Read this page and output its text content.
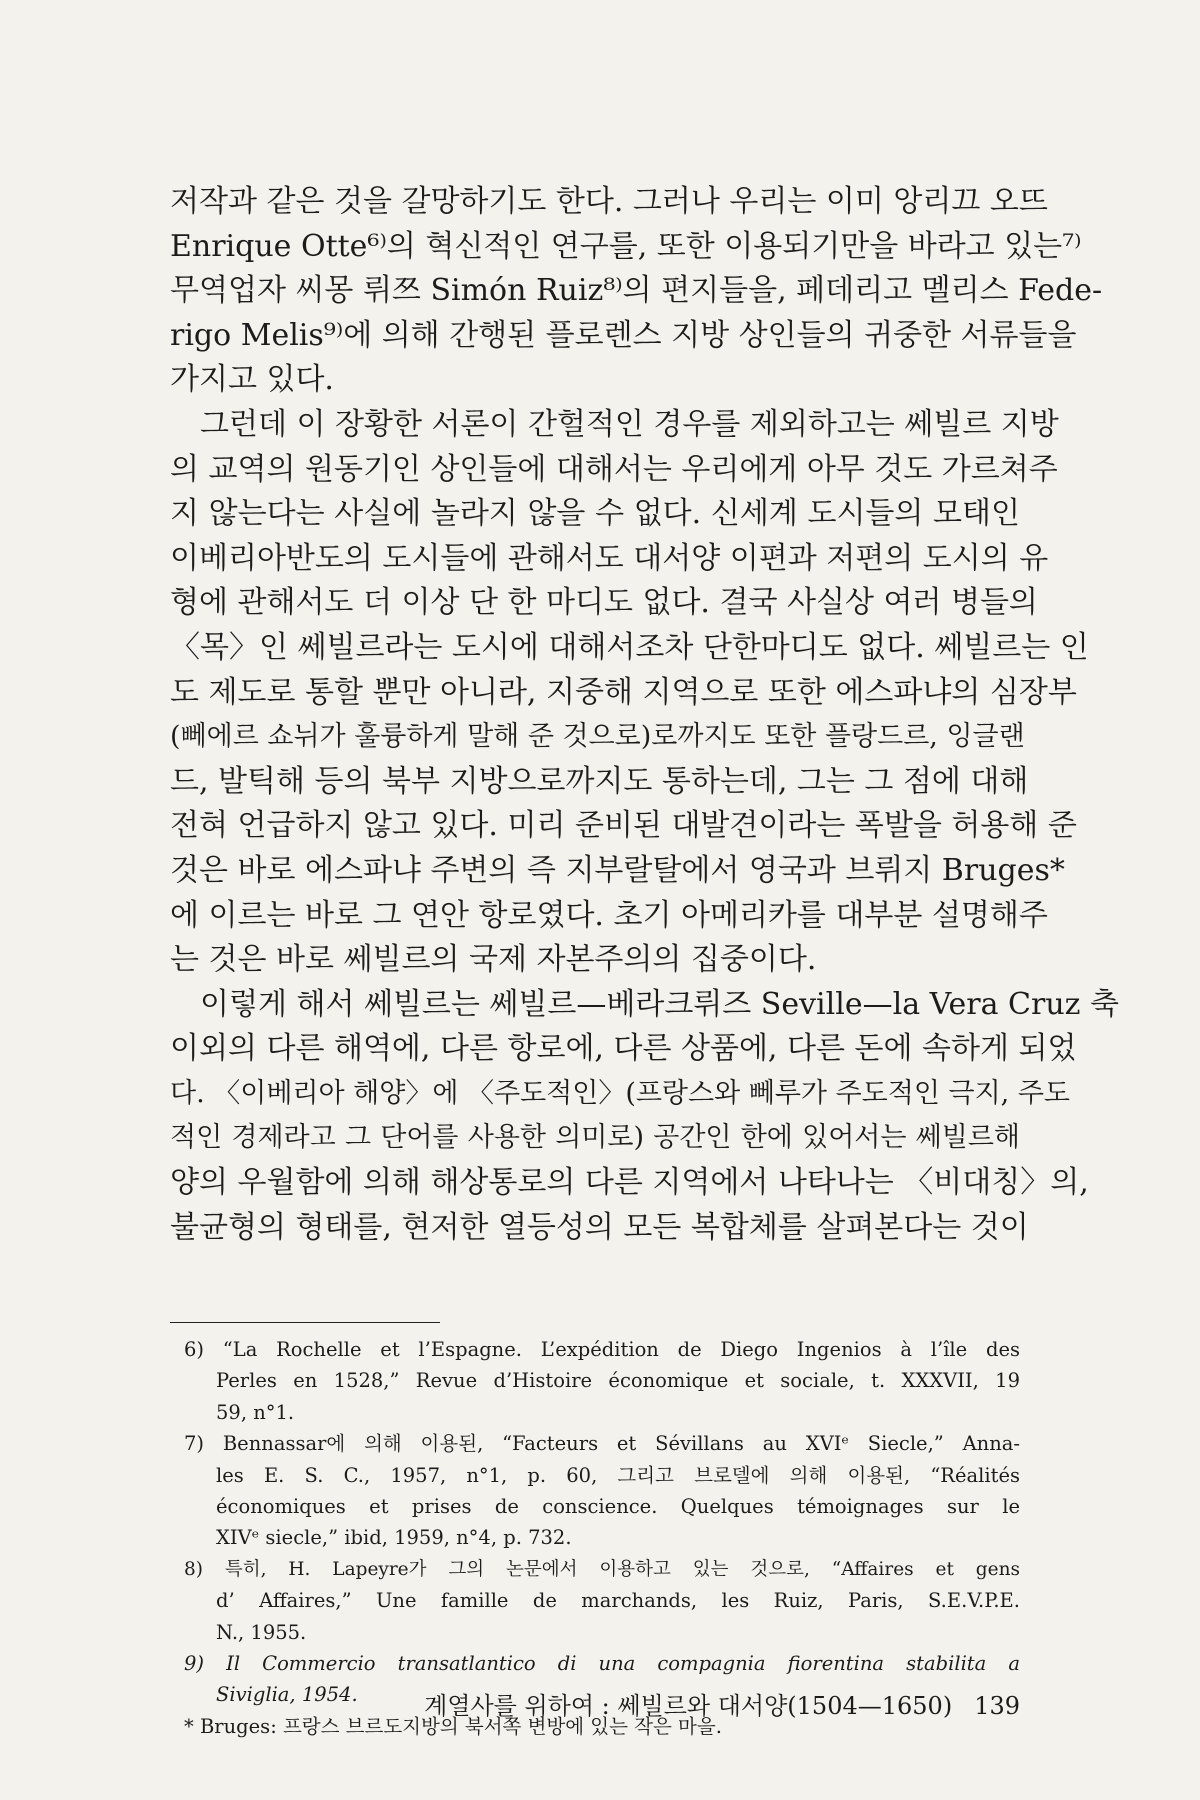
저작과 같은 것을 갈망하기도 한다. 그러나 우리는 이미 앙리끄 오뜨
Enrique Otte⁶⁾의 혁신적인 연구를, 또한 이용되기만을 바라고 있는⁷⁾
무역업자 씨몽 뤼쯔 Simón Ruiz⁸⁾의 편지들을, 페데리고 멜리스 Fede-
rigo Melis⁹⁾에 의해 간행된 플로렌스 지방 상인들의 귀중한 서류들을
가지고 있다.
그런데 이 장황한 서론이 간헐적인 경우를 제외하고는 쎄빌르 지방
의 교역의 원동기인 상인들에 대해서는 우리에게 아무 것도 가르쳐주
지 않는다는 사실에 놀라지 않을 수 없다. 신세계 도시들의 모태인
이베리아반도의 도시들에 관해서도 대서양 이편과 저편의 도시의 유
형에 관해서도 더 이상 단 한 마디도 없다. 결국 사실상 여러 병들의
〈목〉인 쎄빌르라는 도시에 대해서조차 단한마디도 없다. 쎄빌르는 인
도 제도로 통할 뿐만 아니라, 지중해 지역으로 또한 에스파냐의 심장부
(뻬에르 쇼뉘가 훌륭하게 말해 준 것으로)로까지도 또한 플랑드르, 잉글랜
드, 발틱해 등의 북부 지방으로까지도 통하는데, 그는 그 점에 대해
전혀 언급하지 않고 있다. 미리 준비된 대발견이라는 폭발을 허용해 준
것은 바로 에스파냐 주변의 즉 지부랄탈에서 영국과 브뤼지 Bruges*
에 이르는 바로 그 연안 항로였다. 초기 아메리카를 대부분 설명해주
는 것은 바로 쎄빌르의 국제 자본주의의 집중이다.
이렇게 해서 쎄빌르는 쎄빌르—베라크뤼즈 Seville—la Vera Cruz 축
이외의 다른 해역에, 다른 항로에, 다른 상품에, 다른 돈에 속하게 되었
다. 〈이베리아 해양〉에 〈주도적인〉(프랑스와 뻬루가 주도적인 극지, 주도
적인 경제라고 그 단어를 사용한 의미로) 공간인 한에 있어서는 쎄빌르해
양의 우월함에 의해 해상통로의 다른 지역에서 나타나는 〈비대칭〉의,
불균형의 형태를, 현저한 열등성의 모든 복합체를 살펴본다는 것이
6) “La Rochelle et l’Espagne. L’expédition de Diego Ingenios à l’île des
Perles en 1528,” Revue d’Histoire économique et sociale, t. XXXVII, 19
59, n°1.
7) Bennassar에 의해 이용된, “Facteurs et Sévillans au XVIᵉ Siecle,” Anna-
les E. S. C., 1957, n°1, p. 60, 그리고 브로델에 의해 이용된, “Réalités
économiques et prises de conscience. Quelques témoignages sur le
XIVᵉ siecle,” ibid, 1959, n°4, p. 732.
8) 특히, H. Lapeyre가 그의 논문에서 이용하고 있는 것으로, “Affaires et gens
d’ Affaires,” Une famille de marchands, les Ruiz, Paris, S.E.V.P.E.
N., 1955.
9) Il Commercio transatlantico di una compagnia fiorentina stabilita a
Siviglia, 1954.
* Bruges: 프랑스 브르도지방의 북서쪽 변방에 있는 작은 마을.
계열사를 위하여 : 쎄빌르와 대서양(1504—1650) 139
